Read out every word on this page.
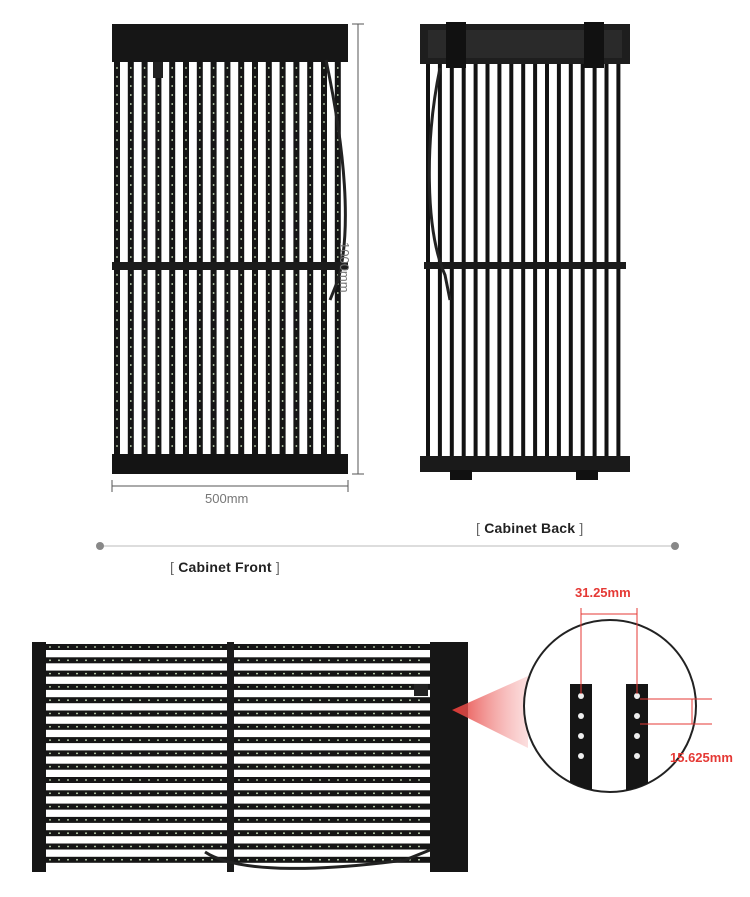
500mm
1000mm
[ Cabinet Back ]
[ Cabinet Front ]
31.25mm
15.625mm
